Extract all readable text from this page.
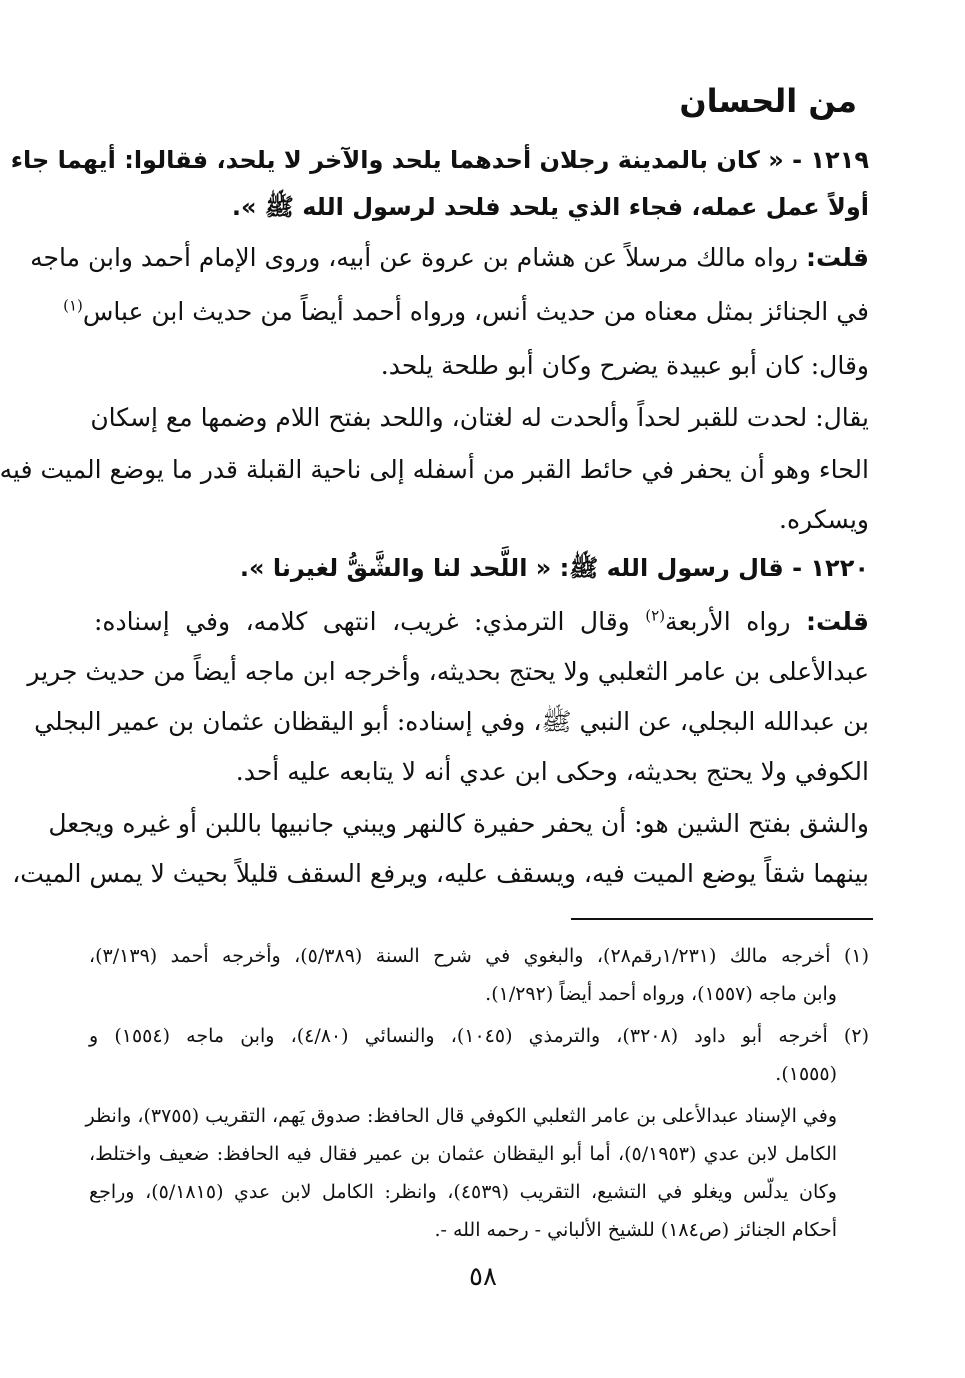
من الحسان

١٢١٩ - « كان بالمدينة رجلان أحدهما يلحد والآخر لا يلحد، فقالوا: أيهما جاء

أولاً عمل عمله، فجاء الذي يلحد فلحد لرسول الله ﷺ ».

قلت: رواه مالك مرسلاً عن هشام بن عروة عن أبيه، وروى الإمام أحمد وابن ماجه

في الجنائز بمثل معناه من حديث أنس، ورواه أحمد أيضاً من حديث ابن عباس$^{(١)}$

وقال: كان أبو عبيدة يضرح وكان أبو طلحة يلحد.

يقال: لحدت للقبر لحداً وألحدت له لغتان، واللحد بفتح اللام وضمها مع إسكان

الحاء وهو أن يحفر في حائط القبر من أسفله إلى ناحية القبلة قدر ما يوضع الميت فيه

ويسكره.

١٢٢٠ - قال رسول الله ﷺ: « اللَّحد لنا والشَّقُّ لغيرنا ».

قلت: رواه الأربعة$^{(٢)}$ وقال الترمذي: غريب، انتهى كلامه، وفي إسناده:

عبدالأعلى بن عامر الثعلبي ولا يحتج بحديثه، وأخرجه ابن ماجه أيضاً من حديث جرير

بن عبدالله البجلي، عن النبي ﷺ، وفي إسناده: أبو اليقظان عثمان بن عمير البجلي

الكوفي ولا يحتج بحديثه، وحكى ابن عدي أنه لا يتابعه عليه أحد.

والشق بفتح الشين هو: أن يحفر حفيرة كالنهر ويبني جانبيها باللبن أو غيره ويجعل

بينهما شقاً يوضع الميت فيه، ويسقف عليه، ويرفع السقف قليلاً بحيث لا يمس الميت،

(١) أخرجه مالك (١/٢٣١رقم٢٨)، والبغوي في شرح السنة (٥/٣٨٩)، وأخرجه أحمد (٣/١٣٩)،

وابن ماجه (١٥٥٧)، ورواه أحمد أيضاً (١/٢٩٢).

(٢) أخرجه أبو داود (٣٢٠٨)، والترمذي (١٠٤٥)، والنسائي (٤/٨٠)، وابن ماجه (١٥٥٤) و

(١٥٥٥).

وفي الإسناد عبدالأعلى بن عامر الثعلبي الكوفي قال الحافظ: صدوق يَهم، التقريب (٣٧٥٥)، وانظر

الكامل لابن عدي (٥/١٩٥٣)، أما أبو اليقظان عثمان بن عمير فقال فيه الحافظ: ضعيف واختلط،

وكان يدلّس ويغلو في التشيع، التقريب (٤٥٣٩)، وانظر: الكامل لابن عدي (٥/١٨١٥)، وراجع

أحكام الجنائز (ص١٨٤) للشيخ الألباني - رحمه الله -.

٥٨
